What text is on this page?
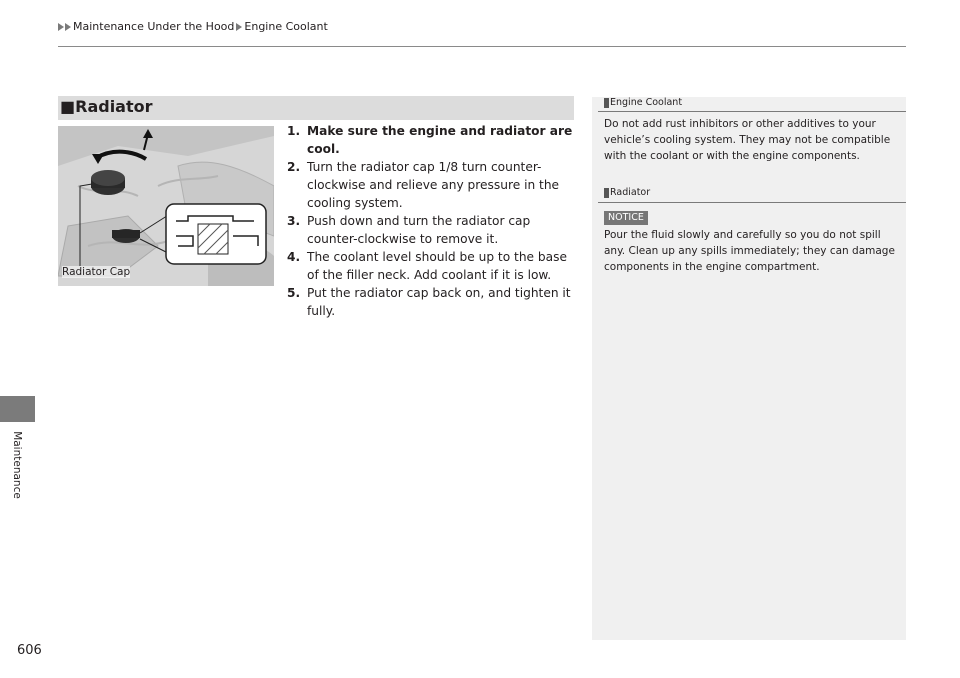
Maintenance Under the Hood Engine Coolant
Maintenance
606
■Radiator
Radiator Cap
1. Make sure the engine and radiator are cool.
2. Turn the radiator cap 1/8 turn counter-clockwise and relieve any pressure in the cooling system.
3. Push down and turn the radiator cap counter-clockwise to remove it.
4. The coolant level should be up to the base of the filler neck. Add coolant if it is low.
5. Put the radiator cap back on, and tighten it fully.
Engine Coolant
Do not add rust inhibitors or other additives to your vehicle’s cooling system. They may not be compatible with the coolant or with the engine components.
Radiator
NOTICE
Pour the fluid slowly and carefully so you do not spill any. Clean up any spills immediately; they can damage components in the engine compartment.
